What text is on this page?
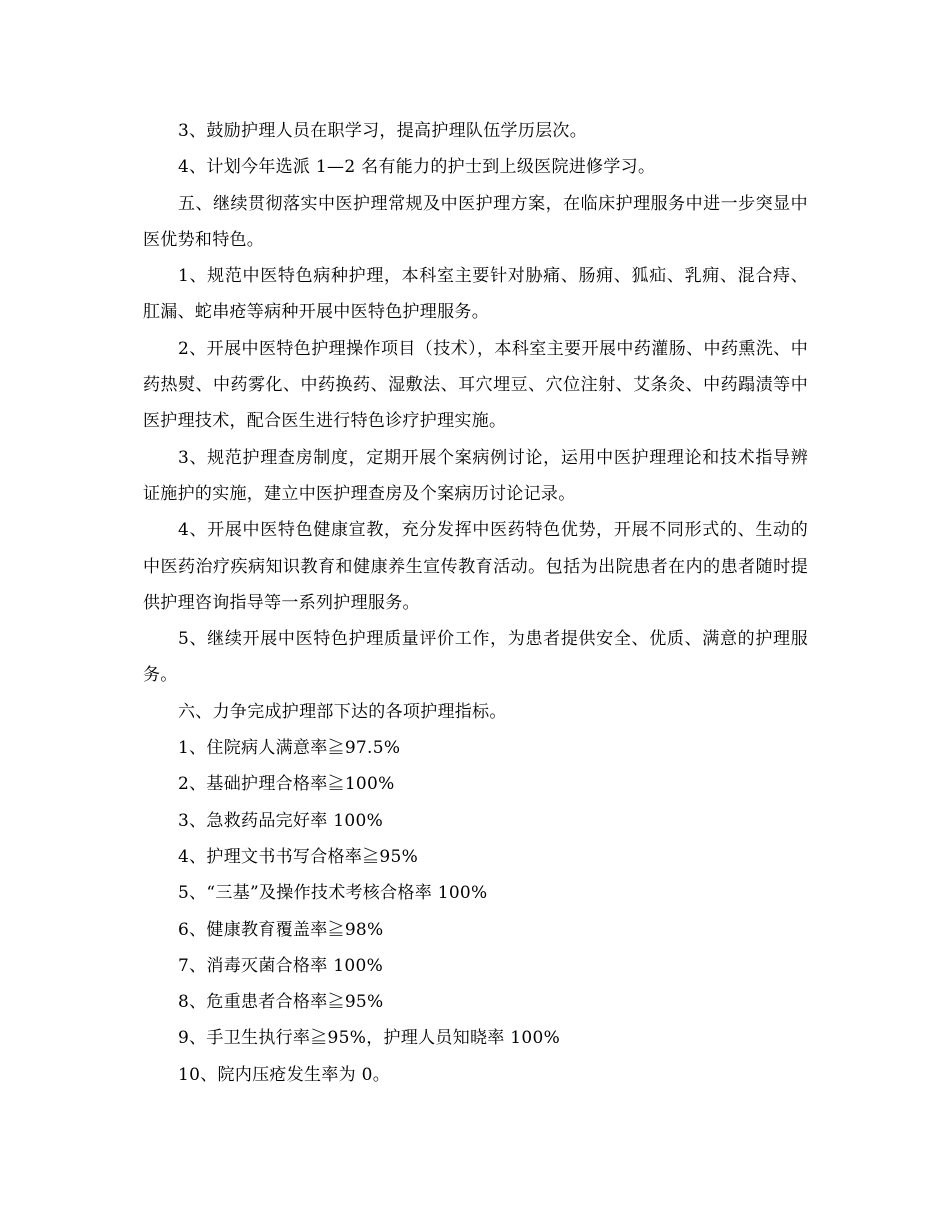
3、鼓励护理人员在职学习，提高护理队伍学历层次。

4、计划今年选派 1—2 名有能力的护士到上级医院进修学习。

五、继续贯彻落实中医护理常规及中医护理方案，在临床护理服务中进一步突显中医优势和特色。

1、规范中医特色病种护理，本科室主要针对胁痛、肠痈、狐疝、乳痈、混合痔、肛漏、蛇串疮等病种开展中医特色护理服务。

2、开展中医特色护理操作项目（技术），本科室主要开展中药灌肠、中药熏洗、中药热熨、中药雾化、中药换药、湿敷法、耳穴埋豆、穴位注射、艾条灸、中药蹋渍等中医护理技术，配合医生进行特色诊疗护理实施。

3、规范护理查房制度，定期开展个案病例讨论，运用中医护理理论和技术指导辨证施护的实施，建立中医护理查房及个案病历讨论记录。

4、开展中医特色健康宣教，充分发挥中医药特色优势，开展不同形式的、生动的中医药治疗疾病知识教育和健康养生宣传教育活动。包括为出院患者在内的患者随时提供护理咨询指导等一系列护理服务。

5、继续开展中医特色护理质量评价工作，为患者提供安全、优质、满意的护理服务。

六、力争完成护理部下达的各项护理指标。

1、住院病人满意率≧97.5%

2、基础护理合格率≧100%

3、急救药品完好率 100%

4、护理文书书写合格率≧95%

5、“三基”及操作技术考核合格率 100%

6、健康教育覆盖率≧98%

7、消毒灭菌合格率 100%

8、危重患者合格率≧95%

9、手卫生执行率≧95%，护理人员知晓率 100%

10、院内压疮发生率为 0。
